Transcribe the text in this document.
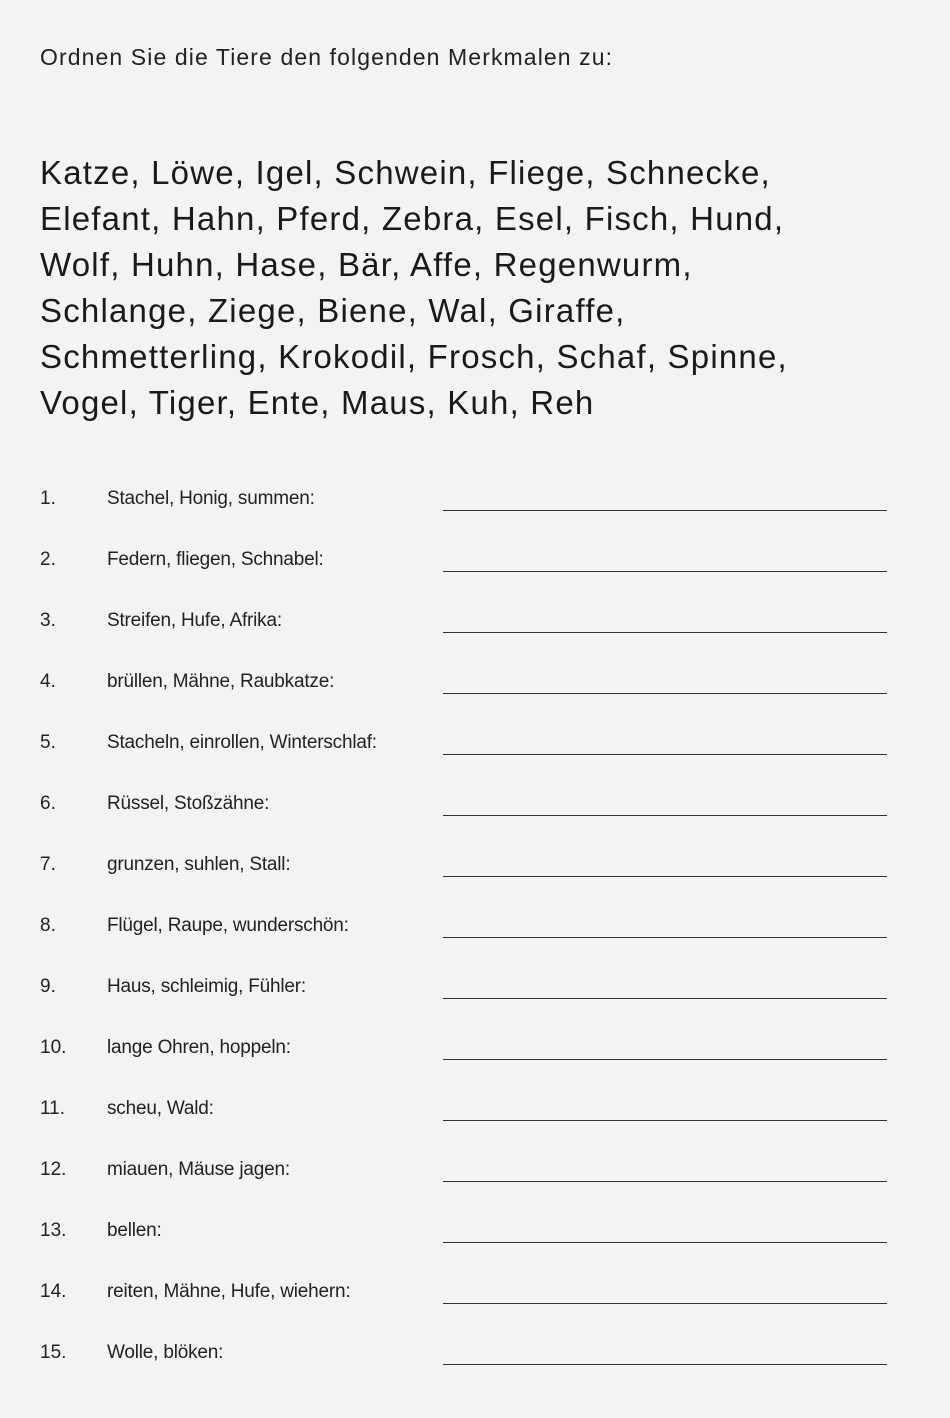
Ordnen Sie die Tiere den folgenden Merkmalen zu:
Katze, Löwe, Igel, Schwein, Fliege, Schnecke,
Elefant, Hahn, Pferd, Zebra, Esel, Fisch, Hund,
Wolf, Huhn, Hase, Bär, Affe, Regenwurm,
Schlange, Ziege, Biene, Wal, Giraffe,
Schmetterling, Krokodil, Frosch, Schaf, Spinne,
Vogel, Tiger, Ente, Maus, Kuh, Reh
1.	Stachel, Honig, summen:
2.	Federn, fliegen, Schnabel:
3.	Streifen, Hufe, Afrika:
4.	brüllen, Mähne, Raubkatze:
5.	Stacheln, einrollen, Winterschlaf:
6.	Rüssel, Stoßzähne:
7.	grunzen, suhlen, Stall:
8.	Flügel, Raupe, wunderschön:
9.	Haus, schleimig, Fühler:
10. lange Ohren, hoppeln:
11. scheu, Wald:
12. miauen, Mäuse jagen:
13. bellen:
14. reiten, Mähne, Hufe, wiehern:
15. Wolle, blöken:
